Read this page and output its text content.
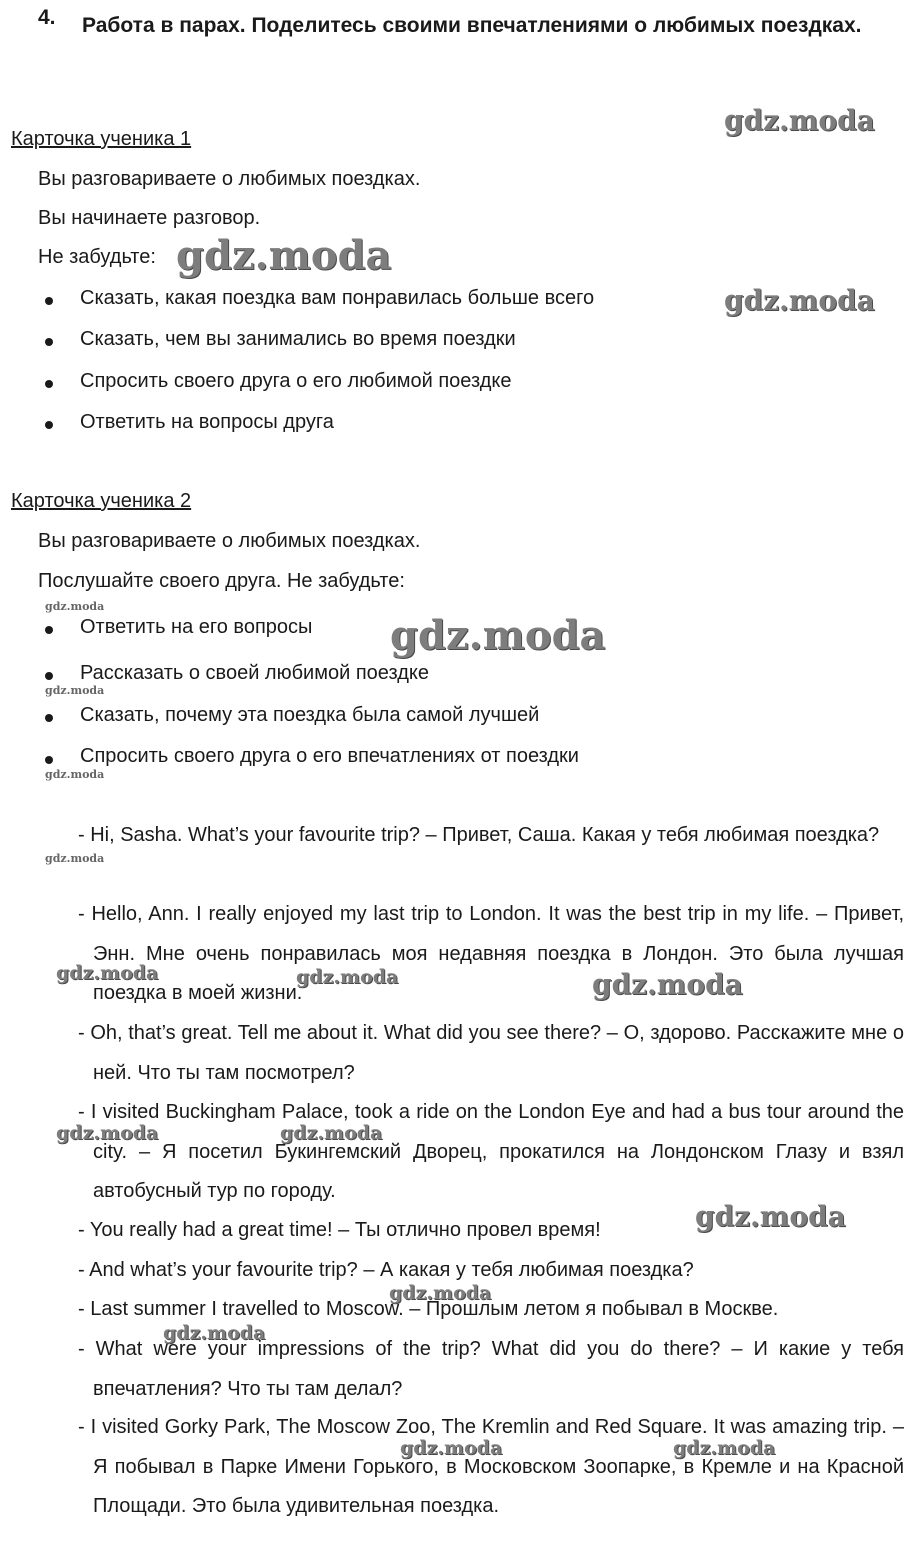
4. Работа в парах. Поделитесь своими впечатлениями о любимых поездках.
Карточка ученика 1
Вы разговариваете о любимых поездках.
Вы начинаете разговор.
Не забудьте:
Сказать, какая поездка вам понравилась больше всего
Сказать, чем вы занимались во время поездки
Спросить своего друга о его любимой поездке
Ответить на вопросы друга
Карточка ученика 2
Вы разговариваете о любимых поездках.
Послушайте своего друга. Не забудьте:
Ответить на его вопросы
Рассказать о своей любимой поездке
Сказать, почему эта поездка была самой лучшей
Спросить своего друга о его впечатлениях от поездки
- Hi, Sasha. What’s your favourite trip? – Привет, Саша. Какая у тебя любимая поездка?
- Hello, Ann. I really enjoyed my last trip to London. It was the best trip in my life. – Привет, Энн. Мне очень понравилась моя недавняя поездка в Лондон. Это была лучшая поездка в моей жизни.
- Oh, that’s great. Tell me about it. What did you see there? – О, здорово. Расскажите мне о ней. Что ты там посмотрел?
- I visited Buckingham Palace, took a ride on the London Eye and had a bus tour around the city. – Я посетил Букингемский Дворец, прокатился на Лондонском Глазу и взял автобусный тур по городу.
- You really had a great time! – Ты отлично провел время!
- And what’s your favourite trip? – А какая у тебя любимая поездка?
- Last summer I travelled to Moscow. – Прошлым летом я побывал в Москве.
- What were your impressions of the trip? What did you do there? – И какие у тебя впечатления? Что ты там делал?
- I visited Gorky Park, The Moscow Zoo, The Kremlin and Red Square. It was amazing trip. – Я побывал в Парке Имени Горького, в Московском Зоопарке, в Кремле и на Красной Площади. Это была удивительная поездка.
gdz.moda
gdz.moda
gdz.moda
gdz.moda
gdz.moda
gdz.moda
gdz.moda
gdz.moda
gdz.moda	gdz.moda	gdz.moda
gdz.moda	gdz.moda
gdz.moda
gdz.moda
gdz.moda
gdz.moda	gdz.moda
